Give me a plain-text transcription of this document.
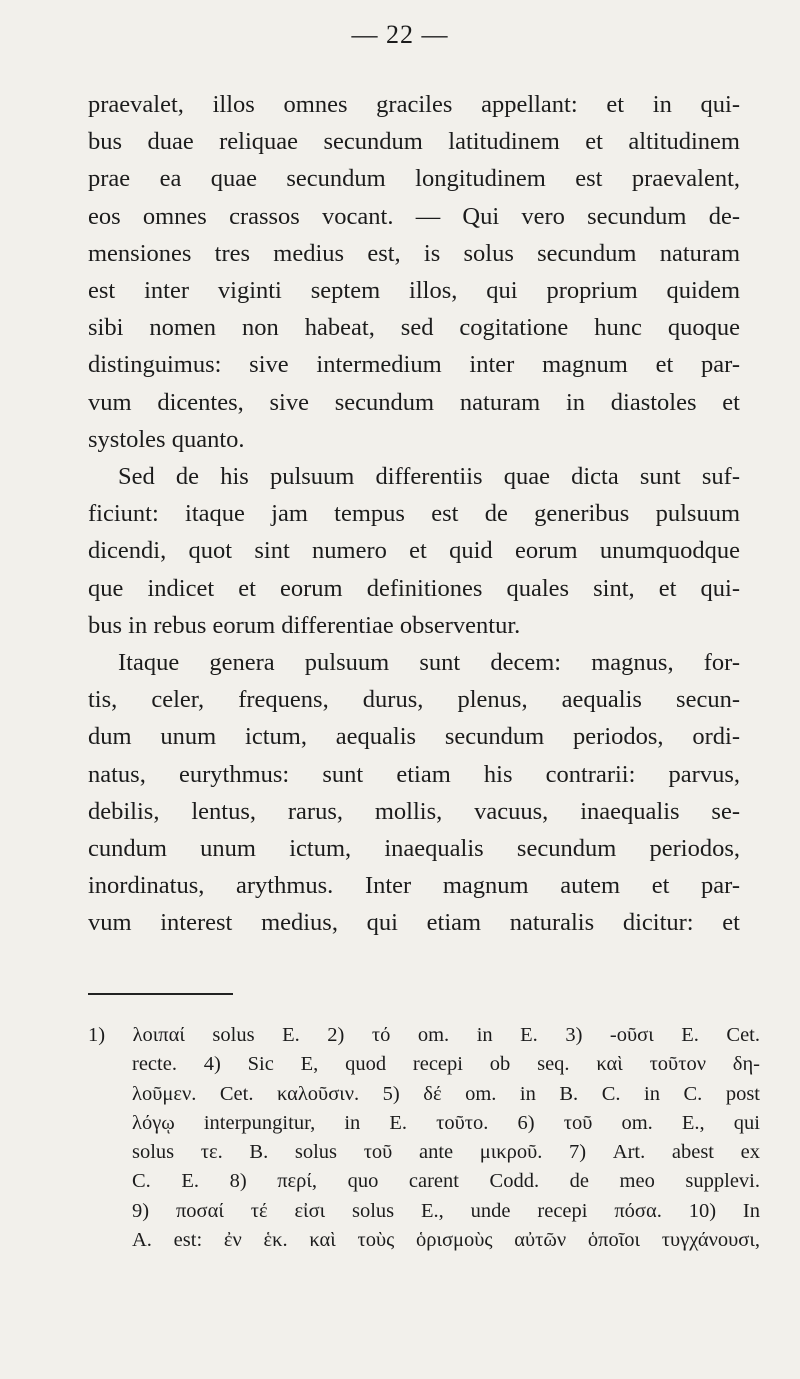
— 22 —
praevalet, illos omnes graciles appellant: et in qui-
bus duae reliquae secundum latitudinem et altitudinem
prae ea quae secundum longitudinem est praevalent,
eos omnes crassos vocant. — Qui vero secundum de-
mensiones tres medius est, is solus secundum naturam
est inter viginti septem illos, qui proprium quidem
sibi nomen non habeat, sed cogitatione hunc quoque
distinguimus: sive intermedium inter magnum et par-
vum dicentes, sive secundum naturam in diastoles et
systoles quanto.
Sed de his pulsuum differentiis quae dicta sunt suf-
ficiunt: itaque jam tempus est de generibus pulsuum
dicendi, quot sint numero et quid eorum unumquodque
que indicet et eorum definitiones quales sint, et qui-
bus in rebus eorum differentiae observentur.
Itaque genera pulsuum sunt decem: magnus, for-
tis, celer, frequens, durus, plenus, aequalis secun-
dum unum ictum, aequalis secundum periodos, ordi-
natus, eurythmus: sunt etiam his contrarii: parvus,
debilis, lentus, rarus, mollis, vacuus, inaequalis se-
cundum unum ictum, inaequalis secundum periodos,
inordinatus, arythmus. Inter magnum autem et par-
vum interest medius, qui etiam naturalis dicitur: et
1) λοιπαί solus E. 2) τό om. in E. 3) -οῦσι E. Cet.
recte. 4) Sic E, quod recepi ob seq. καὶ τοῦτον δη-
λοῦμεν. Cet. καλοῦσιν. 5) δέ om. in B. C. in C. post
λόγῳ interpungitur, in E. τοῦτο. 6) τοῦ om. E., qui
solus τε. B. solus τοῦ ante μικροῦ. 7) Art. abest ex
C. E. 8) περί, quo carent Codd. de meo supplevi.
9) ποσαί τέ εἰσι solus E., unde recepi πόσα. 10) In
A. est: ἐν ἑκ. καὶ τοὺς ὁρισμοὺς αὐτῶν ὁποῖοι τυγχάνουσι,
